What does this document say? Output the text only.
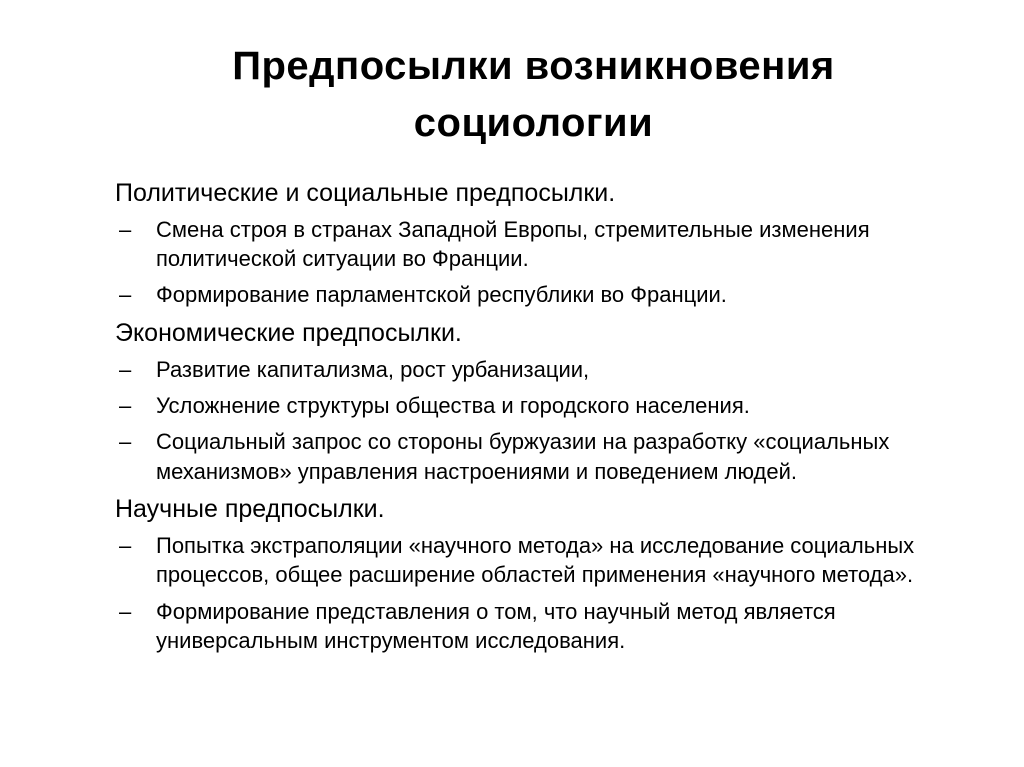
Предпосылки возникновения социологии
Политические и социальные предпосылки.
–	Смена строя в странах Западной Европы, стремительные изменения политической ситуации во Франции.
–	Формирование парламентской республики во Франции.
Экономические предпосылки.
–	Развитие капитализма, рост урбанизации,
–	Усложнение структуры общества и городского населения.
–	Социальный запрос со стороны буржуазии на разработку «социальных механизмов» управления настроениями и поведением людей.
Научные предпосылки.
–	Попытка экстраполяции «научного метода» на исследование социальных процессов, общее расширение областей применения «научного метода».
–	Формирование представления о том, что научный метод является универсальным инструментом исследования.
